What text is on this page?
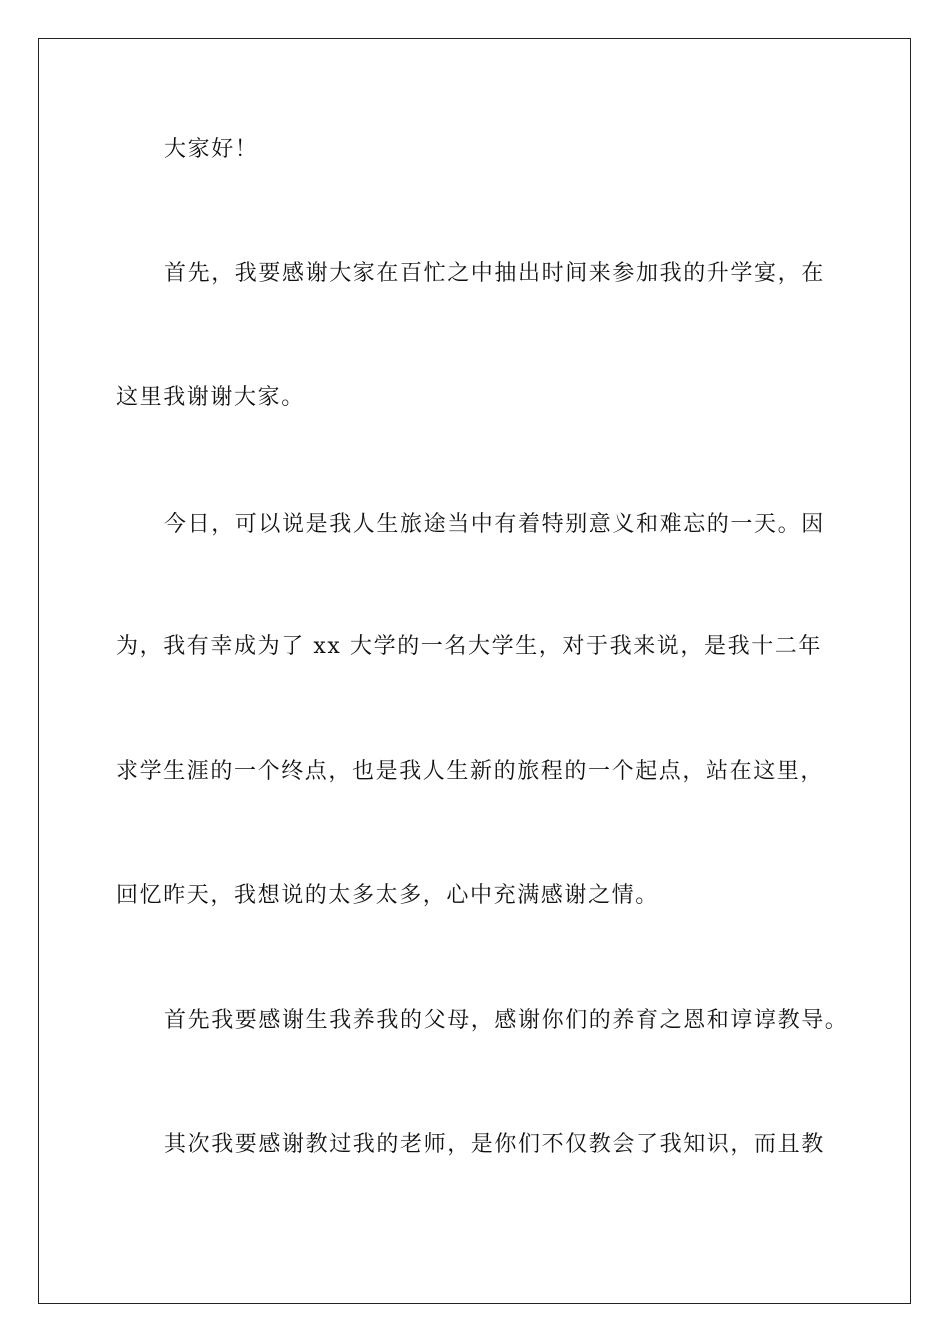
大家好！
首先，我要感谢大家在百忙之中抽出时间来参加我的升学宴，在
这里我谢谢大家。
今日，可以说是我人生旅途当中有着特别意义和难忘的一天。因
为，我有幸成为了 xx 大学的一名大学生，对于我来说，是我十二年
求学生涯的一个终点，也是我人生新的旅程的一个起点，站在这里，
回忆昨天，我想说的太多太多，心中充满感谢之情。
首先我要感谢生我养我的父母，感谢你们的养育之恩和谆谆教导。
其次我要感谢教过我的老师，是你们不仅教会了我知识，而且教
